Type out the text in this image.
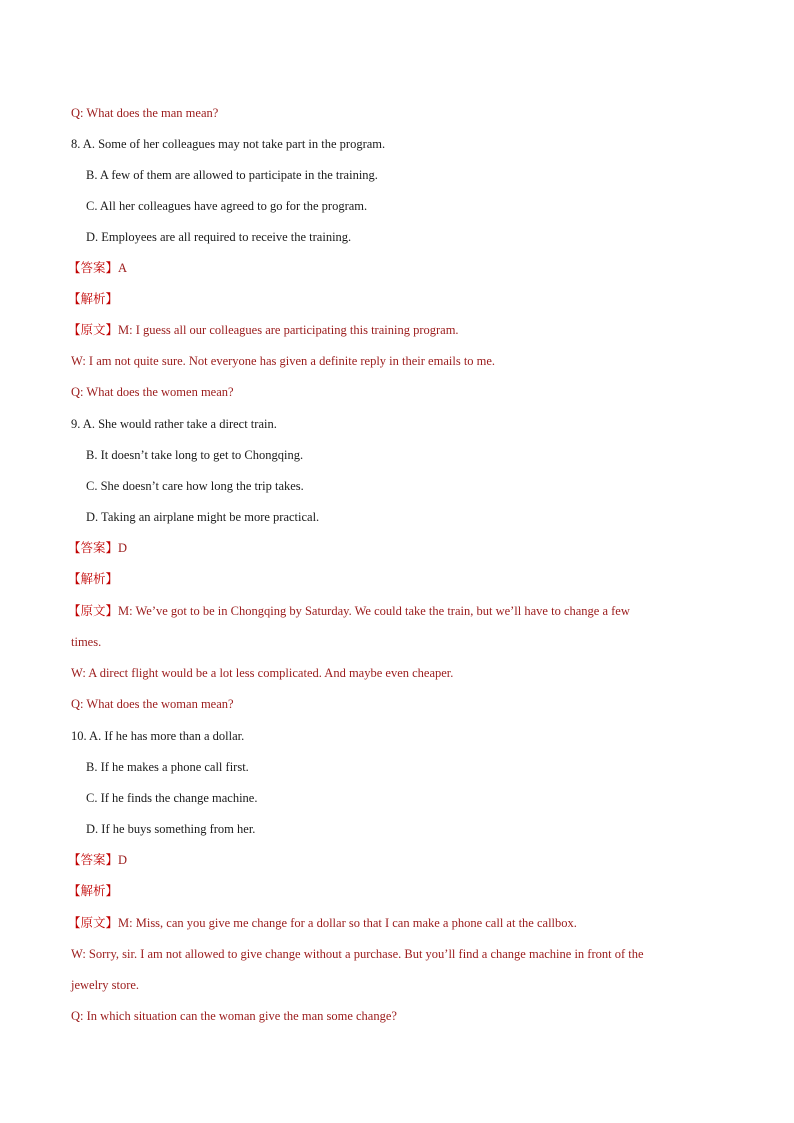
Q: What does the man mean?
8. A. Some of her colleagues may not take part in the program.
B. A few of them are allowed to participate in the training.
C. All her colleagues have agreed to go for the program.
D. Employees are all required to receive the training.
【答案】A
【解析】
【原文】M: I guess all our colleagues are participating this training program.
W: I am not quite sure. Not everyone has given a definite reply in their emails to me.
Q: What does the women mean?
9. A. She would rather take a direct train.
B. It doesn’t take long to get to Chongqing.
C. She doesn’t care how long the trip takes.
D. Taking an airplane might be more practical.
【答案】D
【解析】
【原文】M: We’ve got to be in Chongqing by Saturday. We could take the train, but we’ll have to change a few
times.
W: A direct flight would be a lot less complicated. And maybe even cheaper.
Q: What does the woman mean?
10. A. If he has more than a dollar.
B. If he makes a phone call first.
C. If he finds the change machine.
D. If he buys something from her.
【答案】D
【解析】
【原文】M: Miss, can you give me change for a dollar so that I can make a phone call at the callbox.
W: Sorry, sir. I am not allowed to give change without a purchase. But you’ll find a change machine in front of the
jewelry store.
Q: In which situation can the woman give the man some change?
